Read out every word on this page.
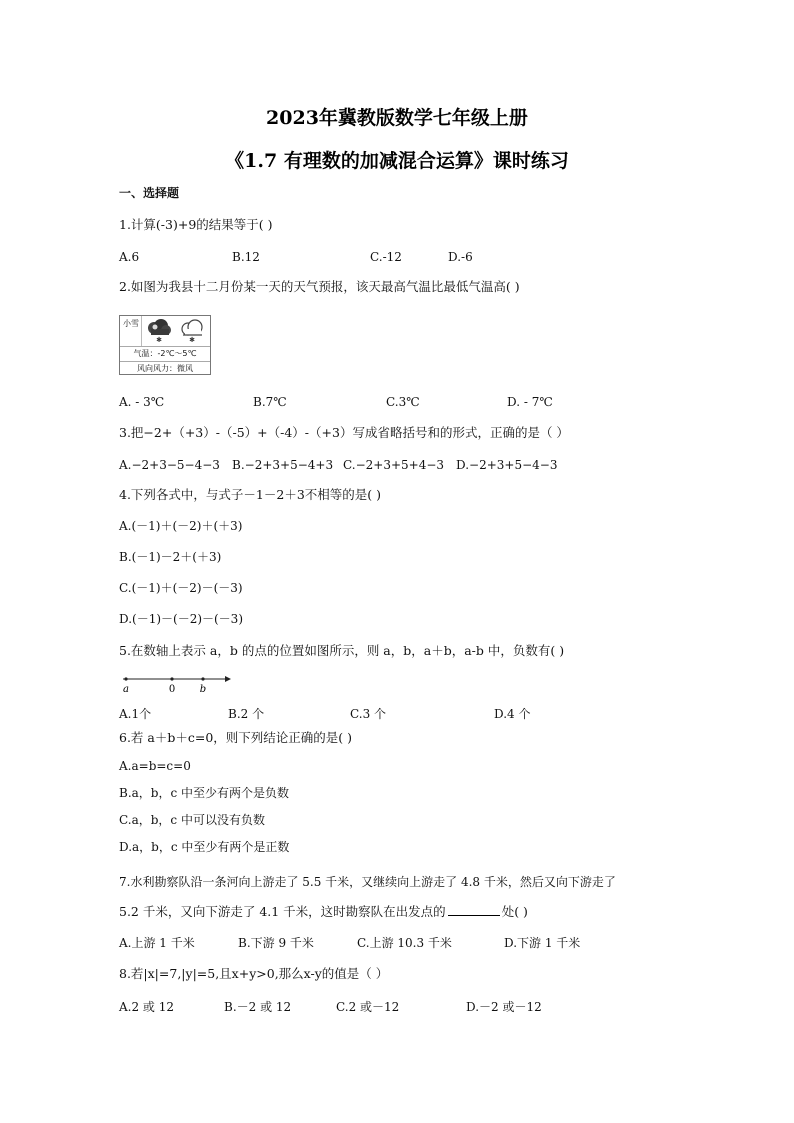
2023年冀教版数学七年级上册
《1.7 有理数的加减混合运算》课时练习
一、选择题
1.计算(-3)+9的结果等于( )
A.6	B.12	C.-12	D.-6
2.如图为我县十二月份某一天的天气预报，该天最高气温比最低气温高( )
小雪
✱	✱
气温：-2℃～5℃
风向风力：微风
A. - 3℃	B.7℃	C.3℃	D. - 7℃
3.把−2+（+3）-（-5）+（-4）-（+3）写成省略括号和的形式，正确的是（ ）
A.−2+3−5−4−3 B.−2+3+5−4+3 C.−2+3+5+4−3 D.−2+3+5−4−3
4.下列各式中，与式子－1－2＋3不相等的是( )
A.(－1)＋(－2)＋(＋3)
B.(－1)－2＋(＋3)
C.(－1)＋(－2)－(－3)
D.(－1)－(－2)－(－3)
5.在数轴上表示 a，b 的点的位置如图所示，则 a，b，a＋b，a-b 中，负数有( )
a	0 b
A.1个	B.2 个	C.3 个	D.4 个
6.若 a＋b＋c=0，则下列结论正确的是( )
A.a=b=c=0
B.a，b，c 中至少有两个是负数
C.a，b，c 中可以没有负数
D.a，b，c 中至少有两个是正数
7.水利勘察队沿一条河向上游走了 5.5 千米，又继续向上游走了 4.8 千米，然后又向下游走了
5.2 千米，又向下游走了 4.1 千米，这时勘察队在出发点的	处( )
A.上游 1 千米	B.下游 9 千米	C.上游 10.3 千米	D.下游 1 千米
8.若|x|=7,|y|=5,且x+y>0,那么x-y的值是（ ）
A.2 或 12	B.－2 或 12	C.2 或－12	D.－2 或－12
